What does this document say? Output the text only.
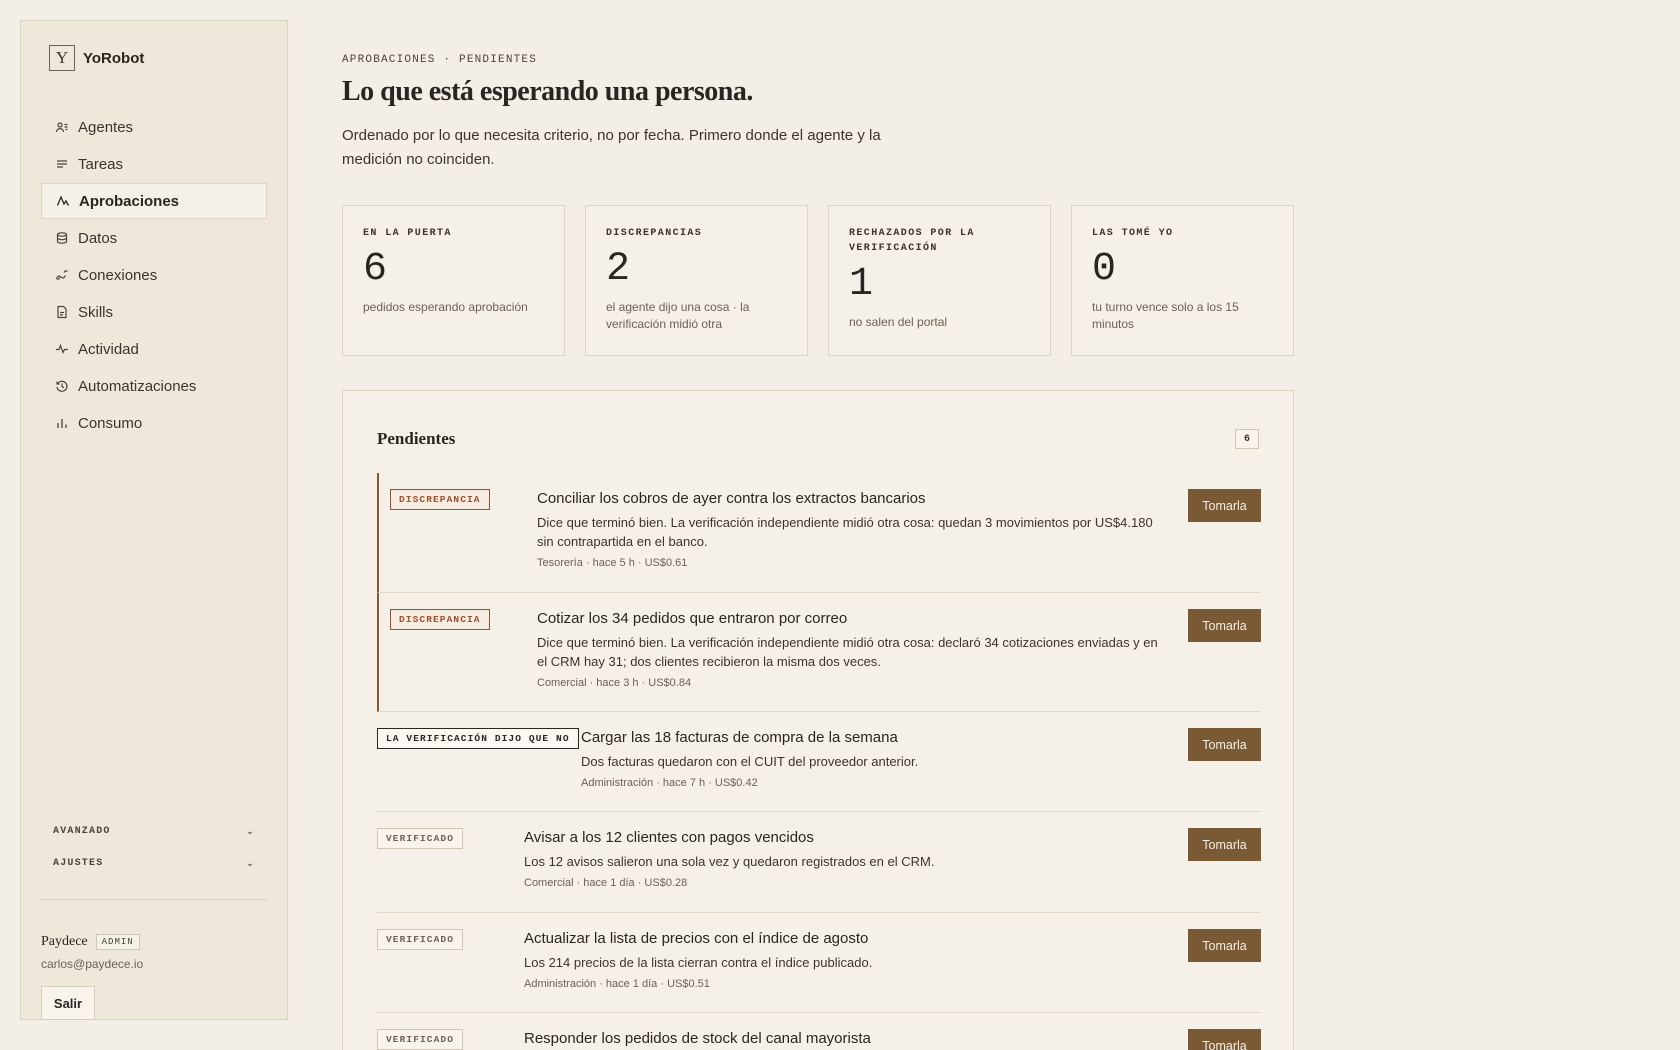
Y YoRobot
Agentes
Tareas
Aprobaciones
Datos
Conexiones
Skills
Actividad
Automatizaciones
Consumo
AVANZADO	⌄
AJUSTES	⌄
Paydece	ADMIN
carlos@paydece.io
Salir
APROBACIONES · PENDIENTES
Lo que está esperando una persona.

Ordenado por lo que necesita criterio, no por fecha. Primero donde el agente y la medición no coinciden.

EN LA PUERTA
6
pedidos esperando aprobación
DISCREPANCIAS
2
el agente dijo una cosa · la verificación midió otra
RECHAZADOS POR LA VERIFICACIÓN
1
no salen del portal
LAS TOMÉ YO
0
tu turno vence solo a los 15 minutos
Pendientes	6
DISCREPANCIA	Conciliar los cobros de ayer contra los extractos bancarios
Dice que terminó bien. La verificación independiente midió otra cosa: quedan 3 movimientos por US$4.180 sin contrapartida en el banco.
Tesorería · hace 5 h · US$0.61
Tomarla
DISCREPANCIA	Cotizar los 34 pedidos que entraron por correo
Dice que terminó bien. La verificación independiente midió otra cosa: declaró 34 cotizaciones enviadas y en el CRM hay 31; dos clientes recibieron la misma dos veces.
Comercial · hace 3 h · US$0.84
Tomarla
LA VERIFICACIÓN DIJO QUE NO Cargar las 18 facturas de compra de la semana
Dos facturas quedaron con el CUIT del proveedor anterior.
Administración · hace 7 h · US$0.42
Tomarla
VERIFICADO	Avisar a los 12 clientes con pagos vencidos
Los 12 avisos salieron una sola vez y quedaron registrados en el CRM.
Comercial · hace 1 día · US$0.28
Tomarla
VERIFICADO	Actualizar la lista de precios con el índice de agosto
Los 214 precios de la lista cierran contra el índice publicado.
Administración · hace 1 día · US$0.51
Tomarla
VERIFICADO	Responder los pedidos de stock del canal mayorista	Tomarla
